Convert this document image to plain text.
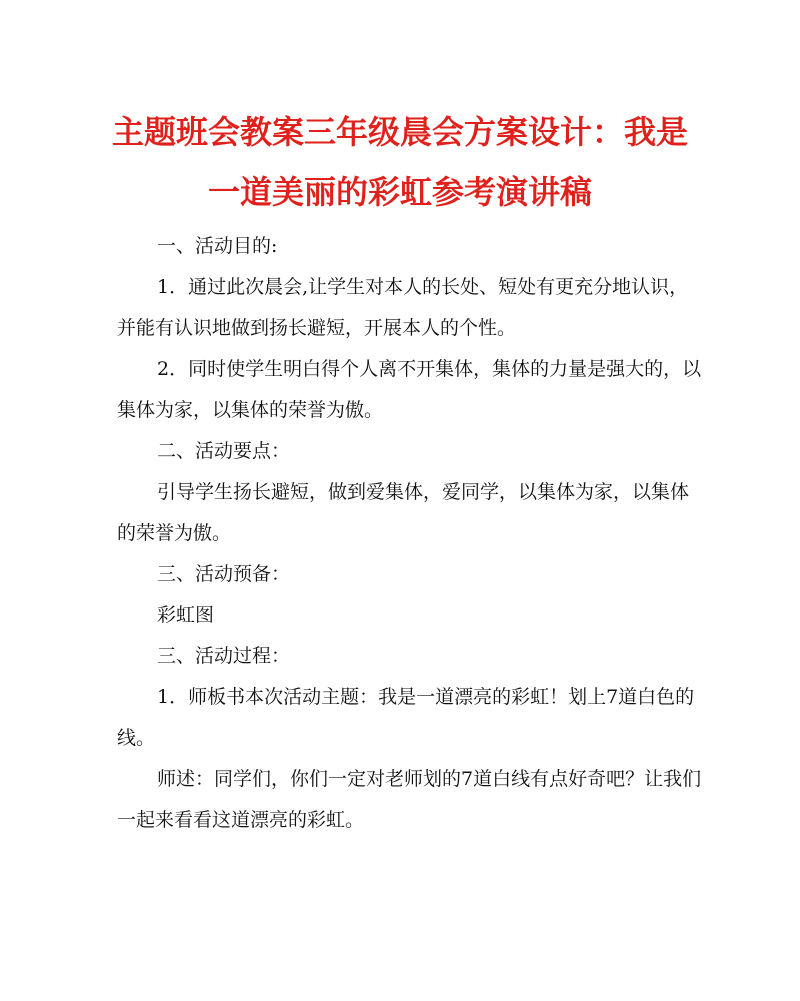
主题班会教案三年级晨会方案设计：我是
一道美丽的彩虹参考演讲稿
一、活动目的:
1．通过此次晨会,让学生对本人的长处、短处有更充分地认识，
并能有认识地做到扬长避短，开展本人的个性。
2．同时使学生明白得个人离不开集体，集体的力量是强大的，以
集体为家，以集体的荣誉为傲。
二、活动要点：
引导学生扬长避短，做到爱集体，爱同学，以集体为家，以集体
的荣誉为傲。
三、活动预备：
彩虹图
三、活动过程：
1．师板书本次活动主题：我是一道漂亮的彩虹！划上7道白色的
线。
师述：同学们，你们一定对老师划的7道白线有点好奇吧？让我们
一起来看看这道漂亮的彩虹。
